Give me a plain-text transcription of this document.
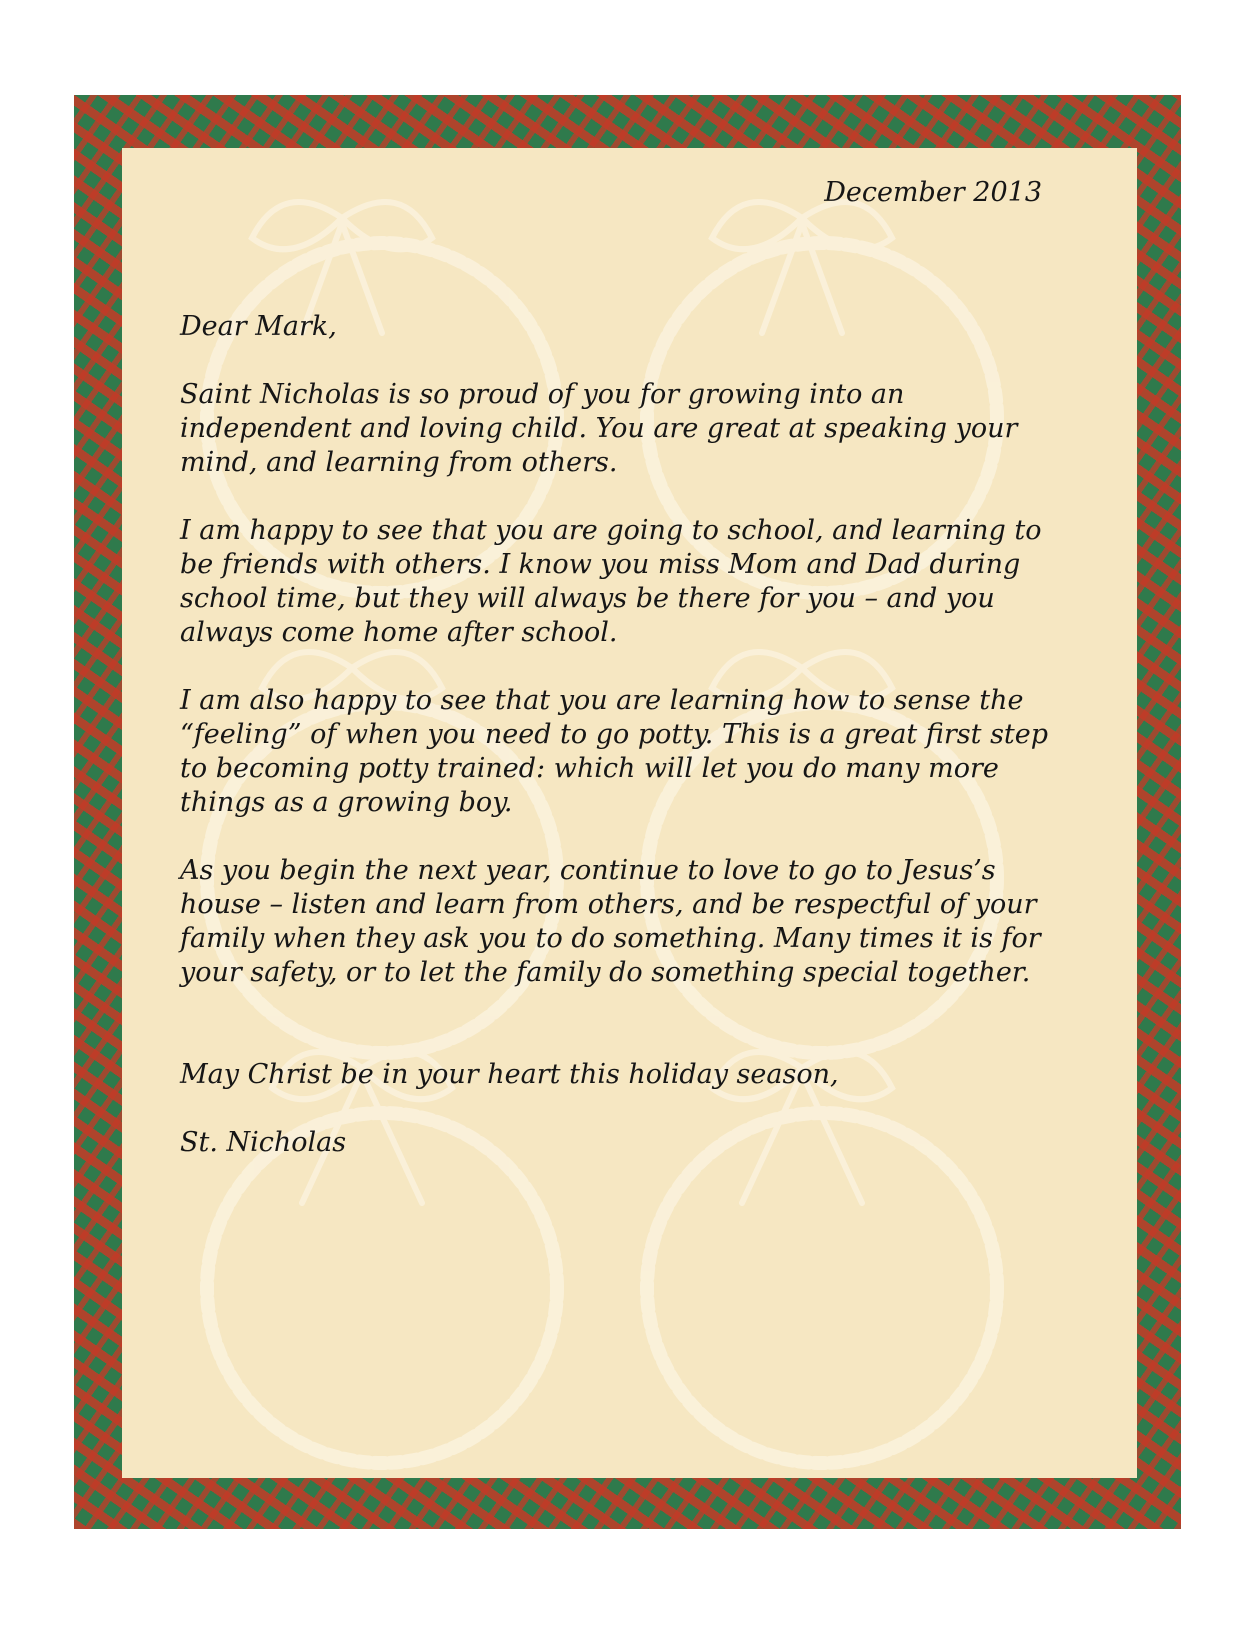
December 2013

Dear Mark,

Saint Nicholas is so proud of you for growing into an independent and loving child. You are great at speaking your mind, and learning from others.

I am happy to see that you are going to school, and learning to be friends with others. I know you miss Mom and Dad during school time, but they will always be there for you – and you always come home after school.

I am also happy to see that you are learning how to sense the “feeling” of when you need to go potty. This is a great first step to becoming potty trained: which will let you do many more things as a growing boy.

As you begin the next year, continue to love to go to Jesus’s house – listen and learn from others, and be respectful of your family when they ask you to do something. Many times it is for your safety, or to let the family do something special together.

May Christ be in your heart this holiday season,

St. Nicholas
